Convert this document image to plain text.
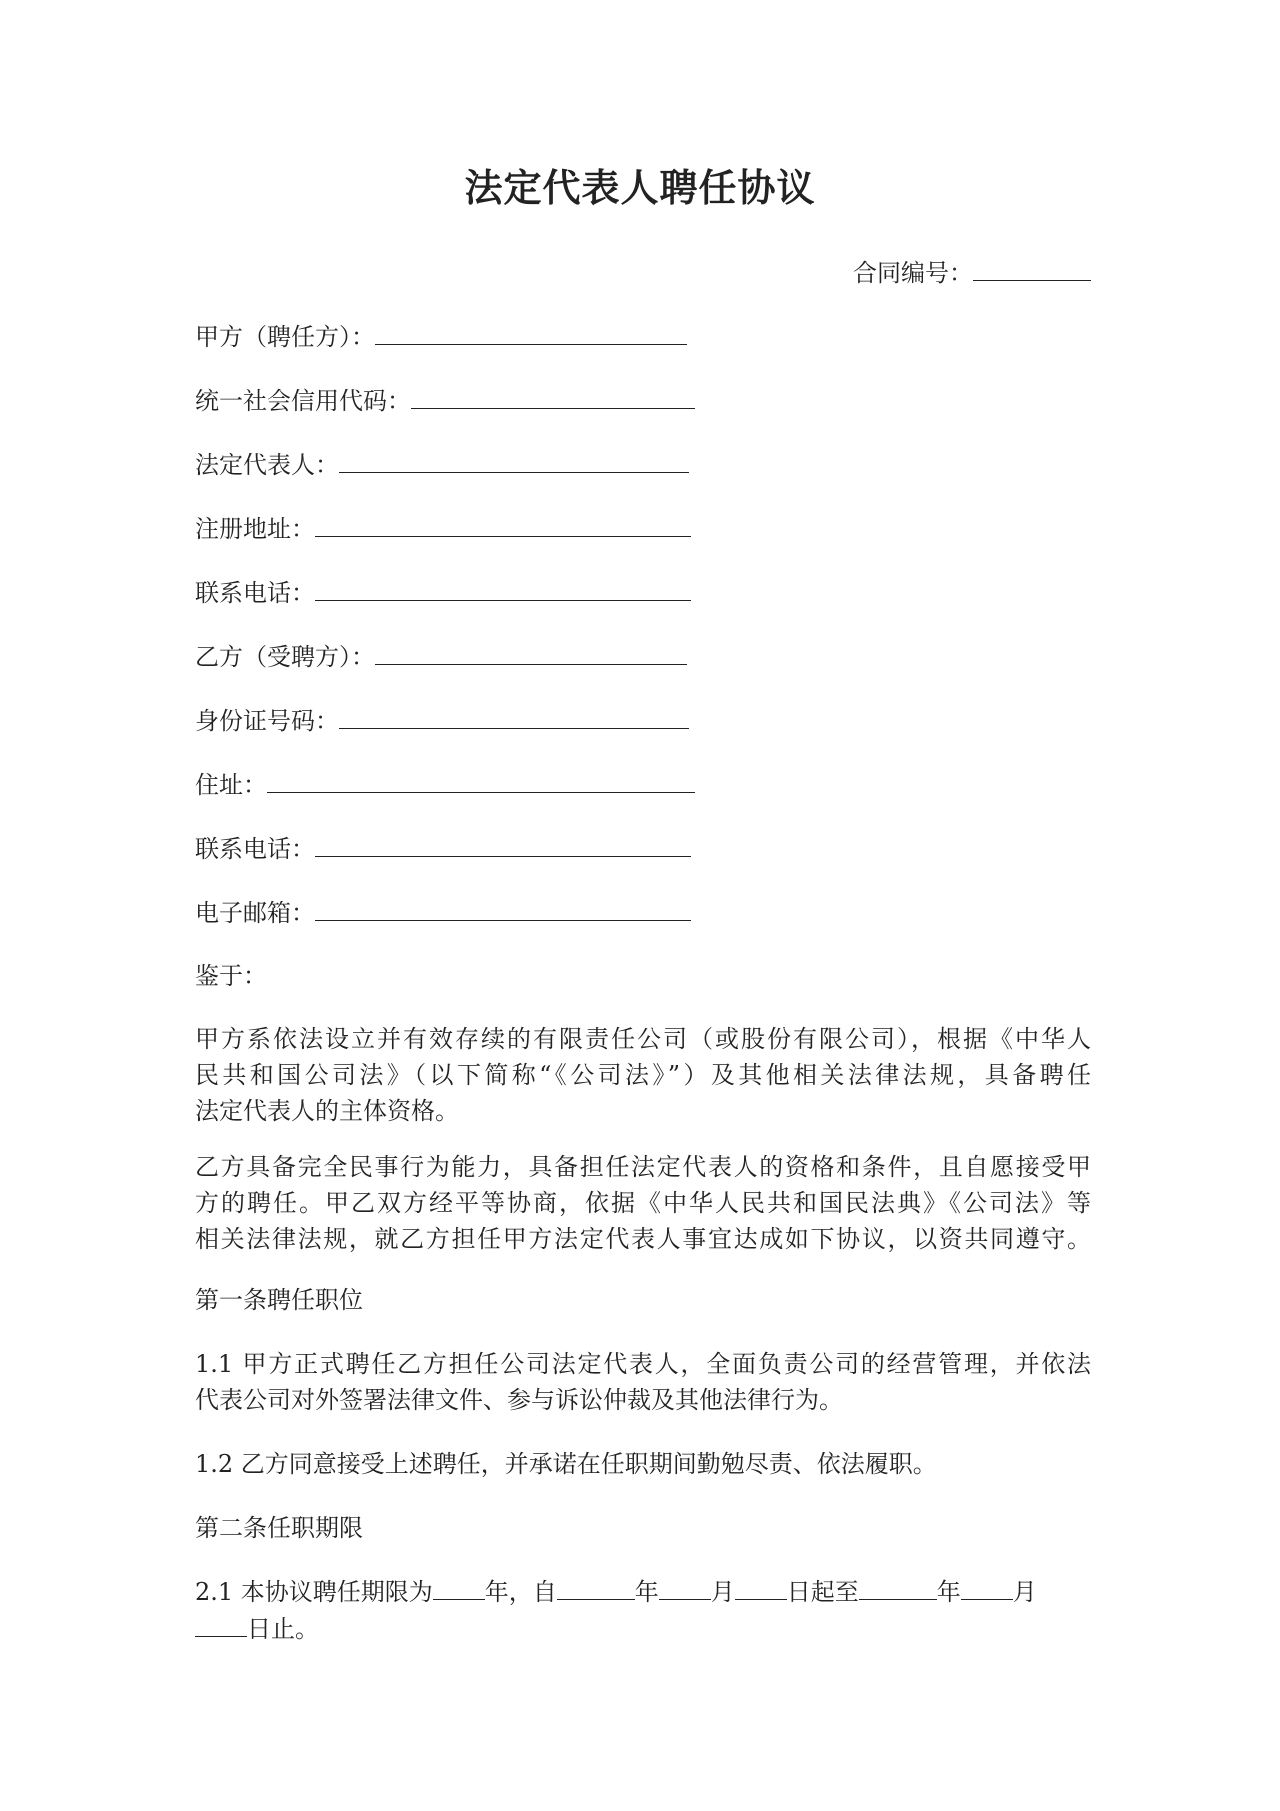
法定代表人聘任协议
合同编号：
甲方（聘任方）：
统一社会信用代码：
法定代表人：
注册地址：
联系电话：
乙方（受聘方）：
身份证号码：
住址：
联系电话：
电子邮箱：
鉴于：
甲方系依法设立并有效存续的有限责任公司（或股份有限公司），根据《中华人
民共和国公司法》（以下简称“《公司法》”）及其他相关法律法规，具备聘任
法定代表人的主体资格。
乙方具备完全民事行为能力，具备担任法定代表人的资格和条件，且自愿接受甲
方的聘任。甲乙双方经平等协商，依据《中华人民共和国民法典》《公司法》等
相关法律法规，就乙方担任甲方法定代表人事宜达成如下协议，以资共同遵守。
第一条聘任职位
1.1 甲方正式聘任乙方担任公司法定代表人，全面负责公司的经营管理，并依法
代表公司对外签署法律文件、参与诉讼仲裁及其他法律行为。
1.2 乙方同意接受上述聘任，并承诺在任职期间勤勉尽责、依法履职。
第二条任职期限
2.1 本协议聘任期限为 年，自	年 月 日起至	年 月
日止。
